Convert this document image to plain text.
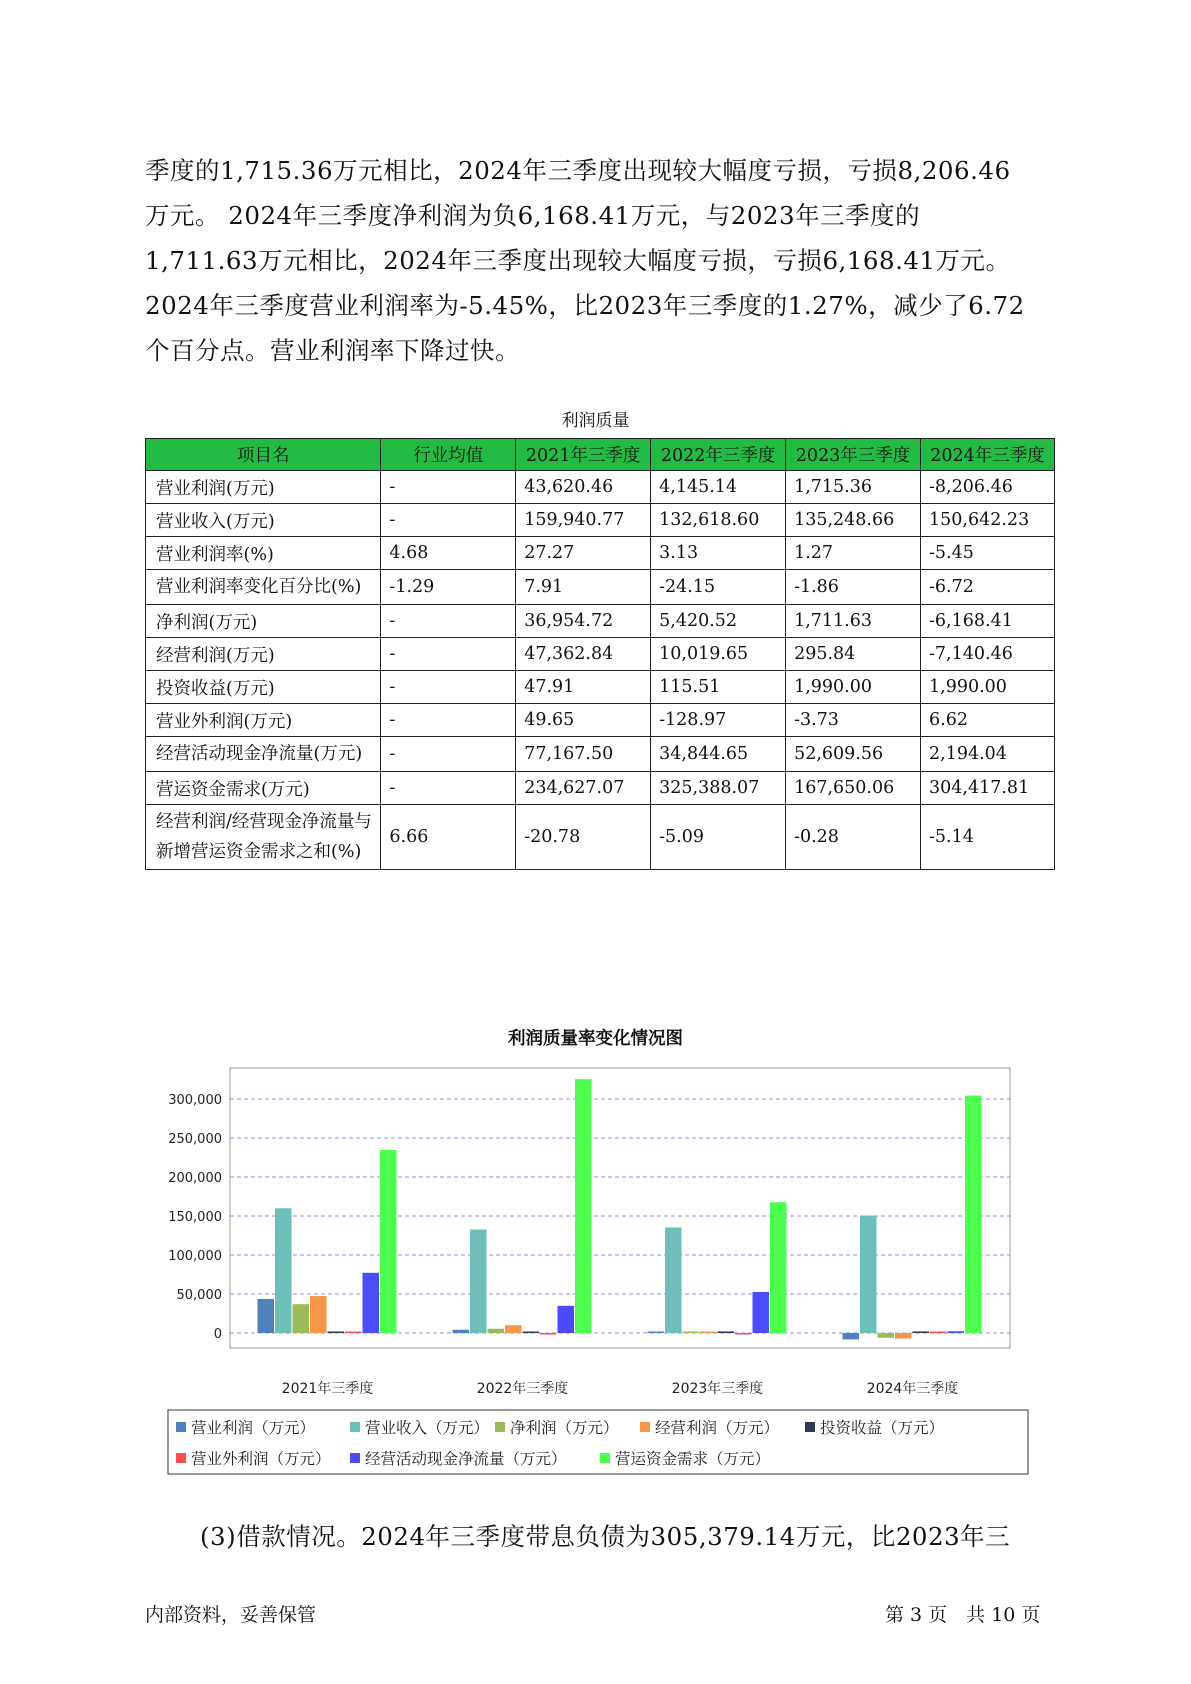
季度的1,715.36万元相比，2024年三季度出现较大幅度亏损，亏损8,206.46
万元。 2024年三季度净利润为负6,168.41万元，与2023年三季度的
1,711.63万元相比，2024年三季度出现较大幅度亏损，亏损6,168.41万元。
2024年三季度营业利润率为-5.45%，比2023年三季度的1.27%，减少了6.72
个百分点。营业利润率下降过快。
利润质量
项目名	行业均值	2021年三季度	2022年三季度	2023年三季度	2024年三季度
营业利润(万元)	-	43,620.46	4,145.14	1,715.36	-8,206.46
营业收入(万元)	-	159,940.77	132,618.60	135,248.66	150,642.23
营业利润率(%)	4.68	27.27	3.13	1.27	-5.45
营业利润率变化百分比(%)	-1.29	7.91	-24.15	-1.86	-6.72
净利润(万元)	-	36,954.72	5,420.52	1,711.63	-6,168.41
经营利润(万元)	-	47,362.84	10,019.65	295.84	-7,140.46
投资收益(万元)	-	47.91	115.51	1,990.00	1,990.00
营业外利润(万元)	-	49.65	-128.97	-3.73	6.62
经营活动现金净流量(万元)	-	77,167.50	34,844.65	52,609.56	2,194.04
营运资金需求(万元)	-	234,627.07	325,388.07	167,650.06	304,417.81
经营利润/经营现金净流量与新增营运资金需求之和(%)	6.66	-20.78	-5.09	-0.28	-5.14
利润质量率变化情况图
300,000
250,000
200,000
150,000
100,000
50,000
0
2021年三季度	2022年三季度	2023年三季度	2024年三季度
营业利润（万元）	营业收入（万元） 净利润（万元） 经营利润（万元）	投资收益（万元）
营业外利润（万元） 经营活动现金净流量（万元）	营运资金需求（万元）
(3)借款情况。2024年三季度带息负债为305,379.14万元，比2023年三
内部资料，妥善保管	第 3 页　共 10 页
